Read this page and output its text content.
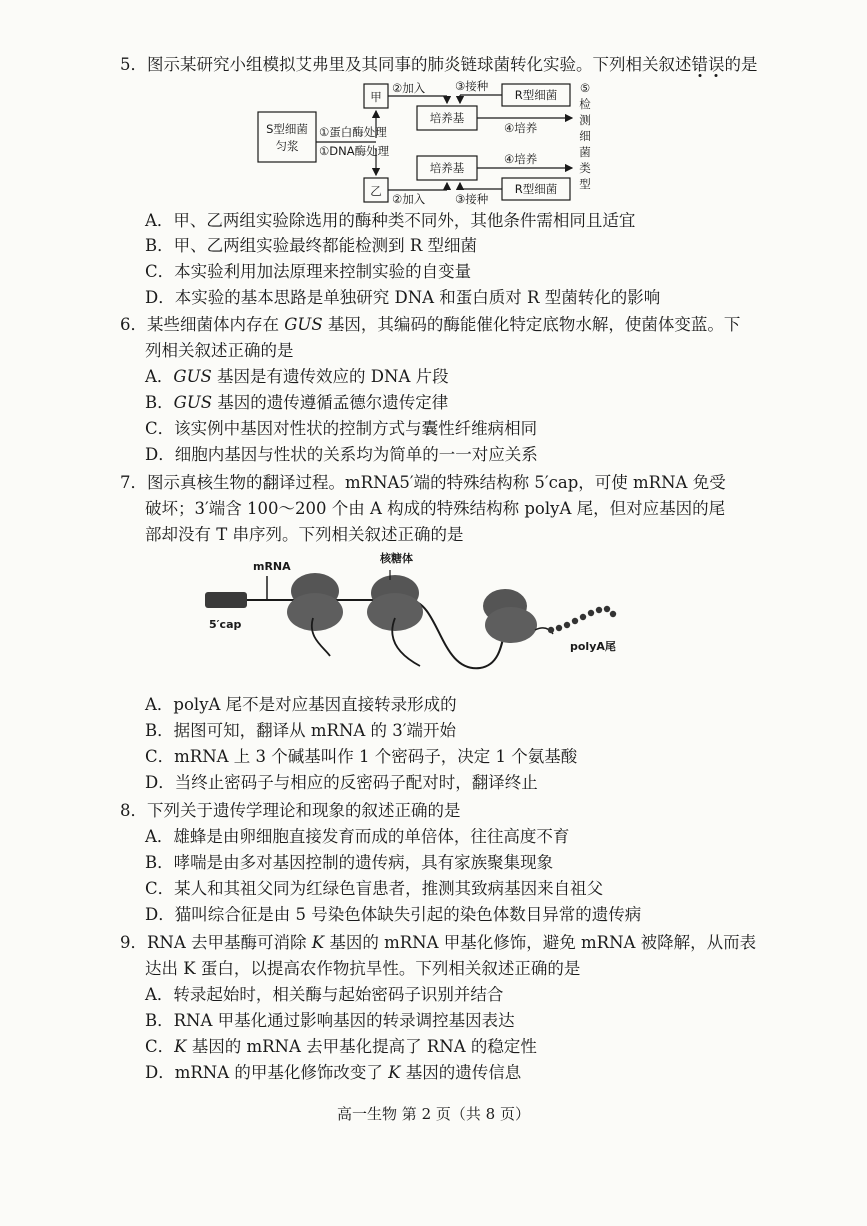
5．图示某研究小组模拟艾弗里及其同事的肺炎链球菌转化实验。下列相关叙述错误的是
S型细菌
匀浆
①蛋白酶处理
①DNA酶处理
甲
乙
②加入
②加入
③接种
③接种
培养基
培养基
R型细菌
R型细菌
④培养
④培养
⑤
检
测
细
菌
类
型
A．甲、乙两组实验除选用的酶种类不同外，其他条件需相同且适宜
B．甲、乙两组实验最终都能检测到 R 型细菌
C．本实验利用加法原理来控制实验的自变量
D．本实验的基本思路是单独研究 DNA 和蛋白质对 R 型菌转化的影响
6．某些细菌体内存在 GUS 基因，其编码的酶能催化特定底物水解，使菌体变蓝。下
列相关叙述正确的是
A．GUS 基因是有遗传效应的 DNA 片段
B．GUS 基因的遗传遵循孟德尔遗传定律
C．该实例中基因对性状的控制方式与囊性纤维病相同
D．细胞内基因与性状的关系均为简单的一一对应关系
7．图示真核生物的翻译过程。mRNA5′端的特殊结构称 5′cap，可使 mRNA 免受
破坏；3′端含 100～200 个由 A 构成的特殊结构称 polyA 尾，但对应基因的尾
部却没有 T 串序列。下列相关叙述正确的是
mRNA
核糖体
5′cap
polyA尾
A．polyA 尾不是对应基因直接转录形成的
B．据图可知，翻译从 mRNA 的 3′端开始
C．mRNA 上 3 个碱基叫作 1 个密码子，决定 1 个氨基酸
D．当终止密码子与相应的反密码子配对时，翻译终止
8．下列关于遗传学理论和现象的叙述正确的是
A．雄蜂是由卵细胞直接发育而成的单倍体，往往高度不育
B．哮喘是由多对基因控制的遗传病，具有家族聚集现象
C．某人和其祖父同为红绿色盲患者，推测其致病基因来自祖父
D．猫叫综合征是由 5 号染色体缺失引起的染色体数目异常的遗传病
9．RNA 去甲基酶可消除 K 基因的 mRNA 甲基化修饰，避免 mRNA 被降解，从而表
达出 K 蛋白，以提高农作物抗旱性。下列相关叙述正确的是
A．转录起始时，相关酶与起始密码子识别并结合
B．RNA 甲基化通过影响基因的转录调控基因表达
C．K 基因的 mRNA 去甲基化提高了 RNA 的稳定性
D．mRNA 的甲基化修饰改变了 K 基因的遗传信息
高一生物 第 2 页（共 8 页）
